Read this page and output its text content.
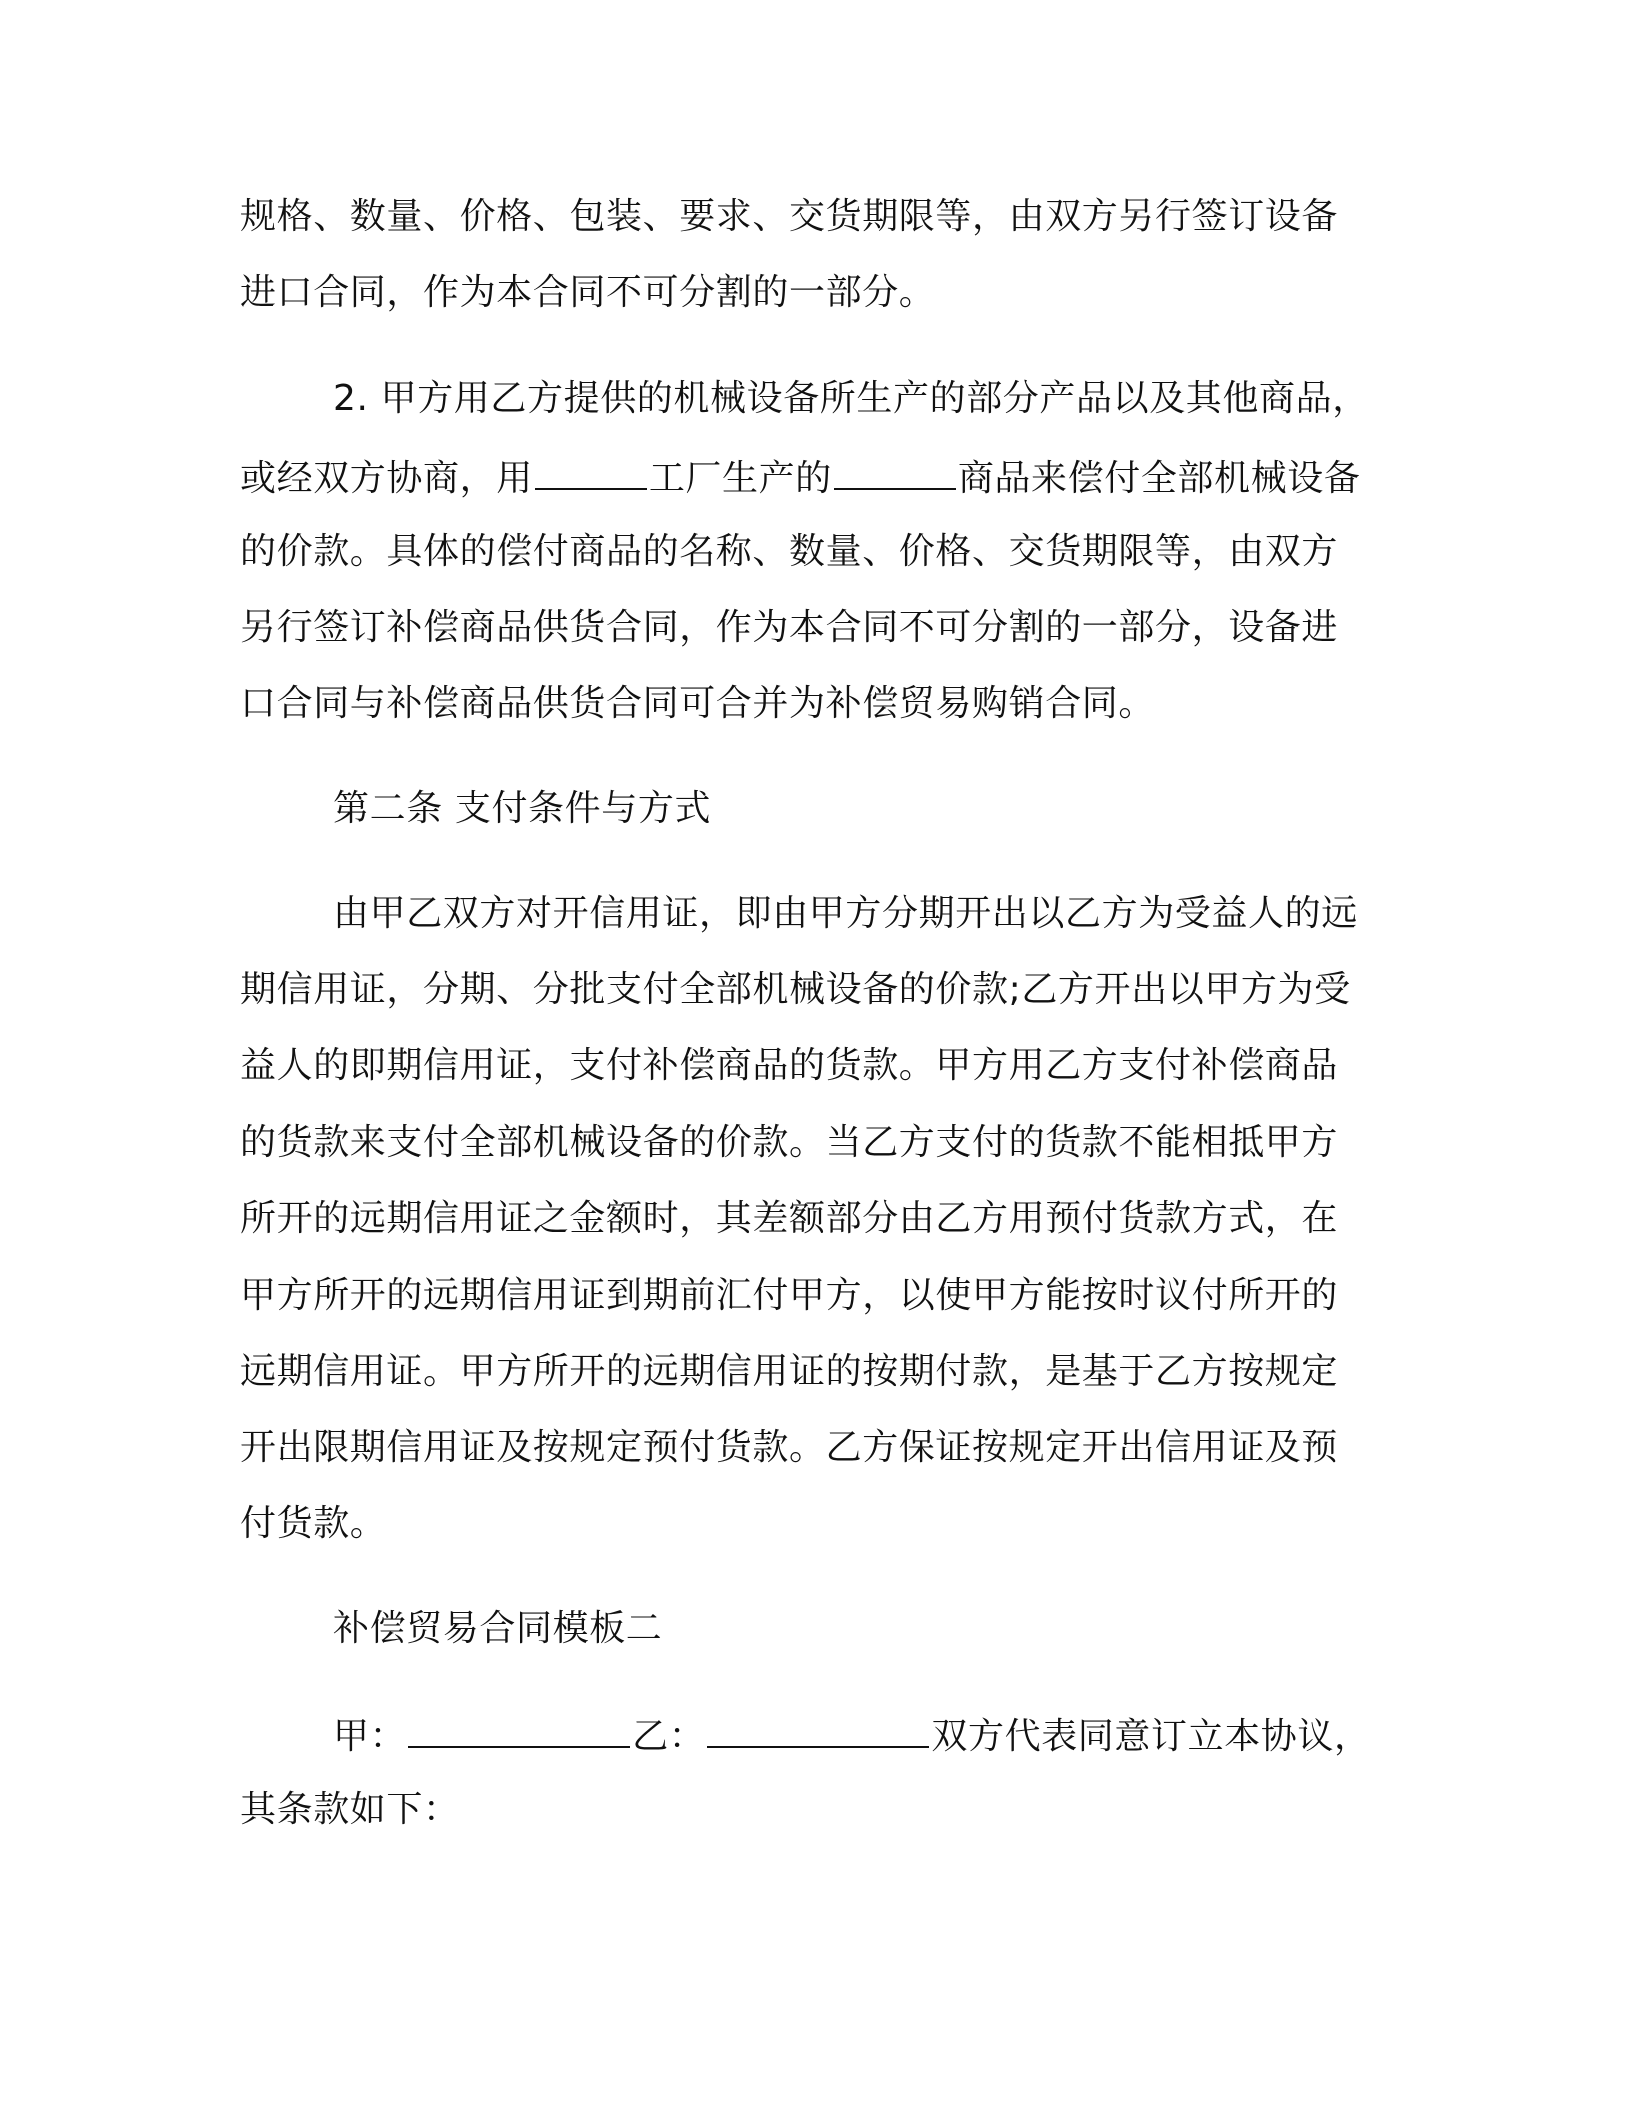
规格、数量、价格、包装、要求、交货期限等，由双方另行签订设备

进口合同，作为本合同不可分割的一部分。

2. 甲方用乙方提供的机械设备所生产的部分产品以及其他商品，

或经双方协商，用	工厂生产的	商品来偿付全部机械设备

的价款。具体的偿付商品的名称、数量、价格、交货期限等，由双方

另行签订补偿商品供货合同，作为本合同不可分割的一部分，设备进

口合同与补偿商品供货合同可合并为补偿贸易购销合同。

第二条 支付条件与方式

由甲乙双方对开信用证，即由甲方分期开出以乙方为受益人的远

期信用证，分期、分批支付全部机械设备的价款;乙方开出以甲方为受

益人的即期信用证，支付补偿商品的货款。甲方用乙方支付补偿商品

的货款来支付全部机械设备的价款。当乙方支付的货款不能相抵甲方

所开的远期信用证之金额时，其差额部分由乙方用预付货款方式，在

甲方所开的远期信用证到期前汇付甲方，以使甲方能按时议付所开的

远期信用证。甲方所开的远期信用证的按期付款，是基于乙方按规定

开出限期信用证及按规定预付货款。乙方保证按规定开出信用证及预

付货款。

补偿贸易合同模板二

甲：	乙：	双方代表同意订立本协议，

其条款如下：
